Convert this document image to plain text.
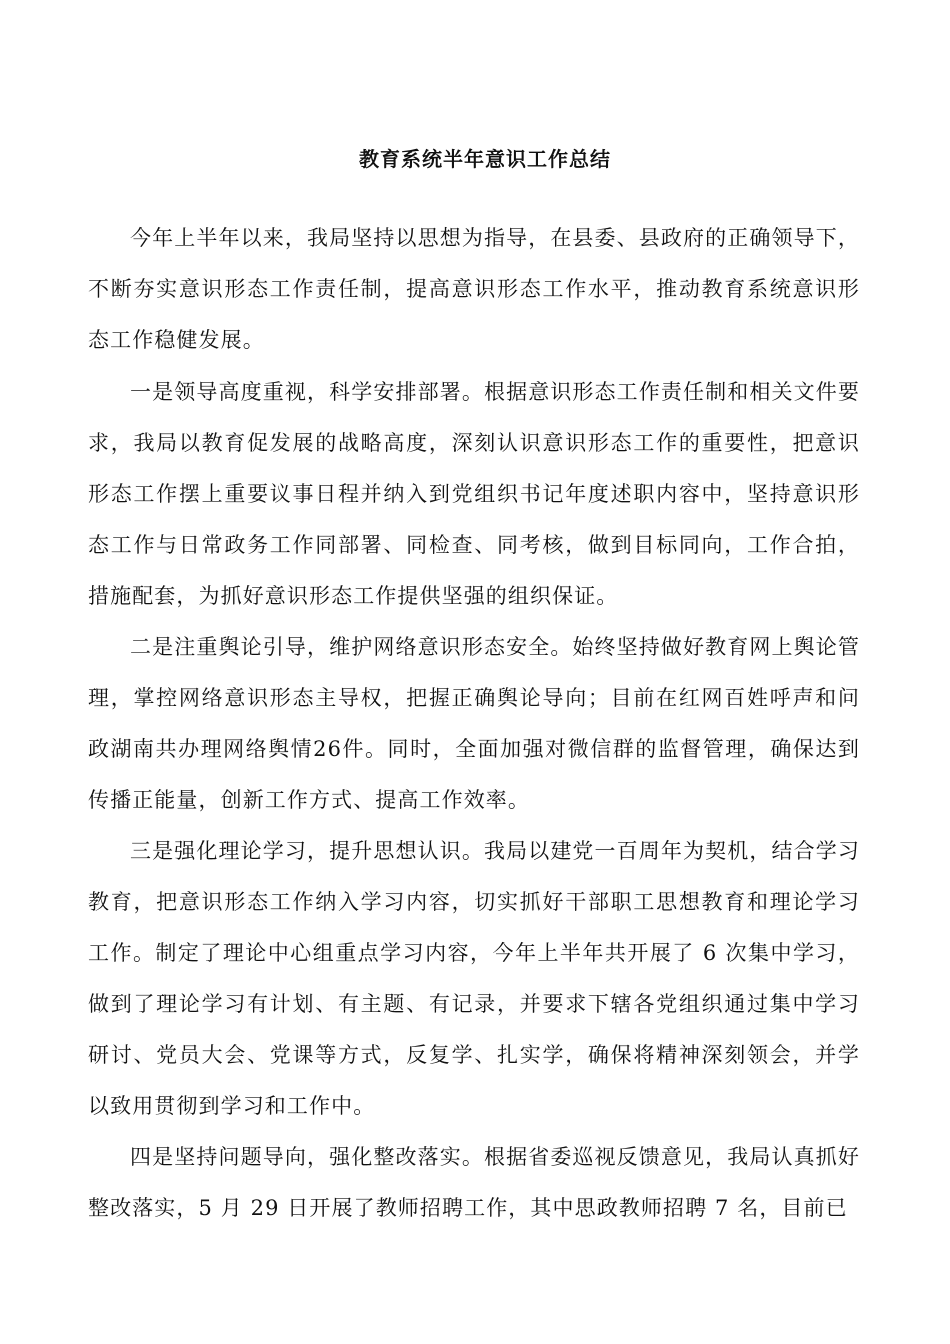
教育系统半年意识工作总结

今年上半年以来，我局坚持以思想为指导，在县委、县政府的正确领导下，不断夯实意识形态工作责任制，提高意识形态工作水平，推动教育系统意识形态工作稳健发展。

一是领导高度重视，科学安排部署。根据意识形态工作责任制和相关文件要求，我局以教育促发展的战略高度，深刻认识意识形态工作的重要性，把意识形态工作摆上重要议事日程并纳入到党组织书记年度述职内容中，坚持意识形态工作与日常政务工作同部署、同检查、同考核，做到目标同向，工作合拍，措施配套，为抓好意识形态工作提供坚强的组织保证。

二是注重舆论引导，维护网络意识形态安全。始终坚持做好教育网上舆论管理，掌控网络意识形态主导权，把握正确舆论导向；目前在红网百姓呼声和问政湖南共办理网络舆情26件。同时，全面加强对微信群的监督管理，确保达到传播正能量，创新工作方式、提高工作效率。

三是强化理论学习，提升思想认识。我局以建党一百周年为契机，结合学习教育，把意识形态工作纳入学习内容，切实抓好干部职工思想教育和理论学习工作。制定了理论中心组重点学习内容，今年上半年共开展了 6 次集中学习，做到了理论学习有计划、有主题、有记录，并要求下辖各党组织通过集中学习研讨、党员大会、党课等方式，反复学、扎实学，确保将精神深刻领会，并学以致用贯彻到学习和工作中。

四是坚持问题导向，强化整改落实。根据省委巡视反馈意见，我局认真抓好整改落实，5 月 29 日开展了教师招聘工作，其中思政教师招聘 7 名，目前已
